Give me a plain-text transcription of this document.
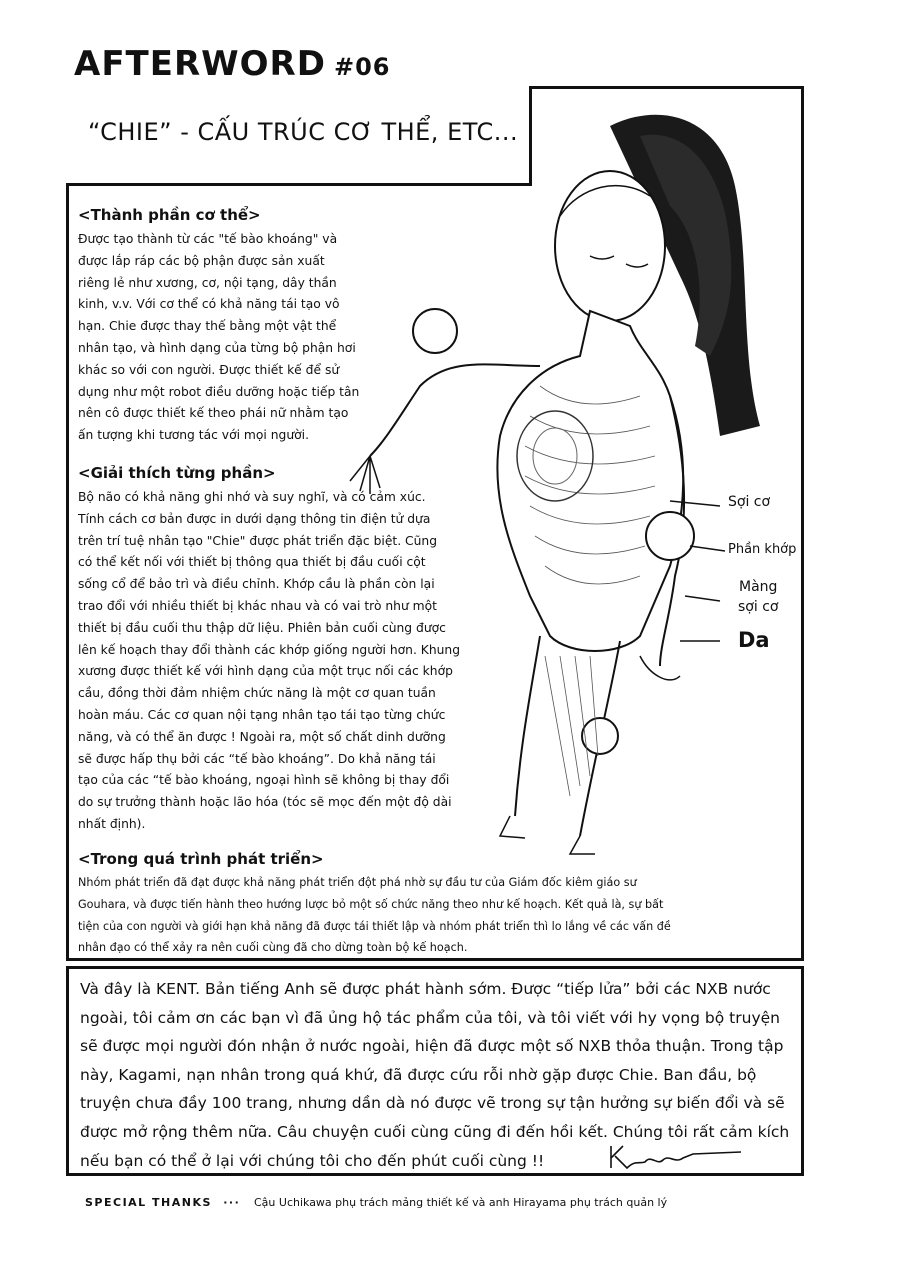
AFTERWORD #06
“CHIE” - CẤU TRÚC CƠ THỂ, ETC...
<Thành phần cơ thể>
Được tạo thành từ các "tế bào khoáng" và
được lắp ráp các bộ phận được sản xuất
riêng lẻ như xương, cơ, nội tạng, dây thần
kinh, v.v. Với cơ thể có khả năng tái tạo vô
hạn. Chie được thay thế bằng một vật thể
nhân tạo, và hình dạng của từng bộ phận hơi
khác so với con người. Được thiết kế để sử
dụng như một robot điều dưỡng hoặc tiếp tân
nên cô được thiết kế theo phái nữ nhằm tạo
ấn tượng khi tương tác với mọi người.
<Giải thích từng phần>
Bộ não có khả năng ghi nhớ và suy nghĩ, và có cảm xúc.
Tính cách cơ bản được in dưới dạng thông tin điện tử dựa
trên trí tuệ nhân tạo "Chie" được phát triển đặc biệt. Cũng
có thể kết nối với thiết bị thông qua thiết bị đầu cuối cột
sống cổ để bảo trì và điều chỉnh. Khớp cầu là phần còn lại
trao đổi với nhiều thiết bị khác nhau và có vai trò như một
thiết bị đầu cuối thu thập dữ liệu. Phiên bản cuối cùng được
lên kế hoạch thay đổi thành các khớp giống người hơn. Khung
xương được thiết kế với hình dạng của một trục nối các khớp
cầu, đồng thời đảm nhiệm chức năng là một cơ quan tuần
hoàn máu. Các cơ quan nội tạng nhân tạo tái tạo từng chức
năng, và có thể ăn được ! Ngoài ra, một số chất dinh dưỡng
sẽ được hấp thụ bởi các “tế bào khoáng”. Do khả năng tái
tạo của các “tế bào khoáng, ngoại hình sẽ không bị thay đổi
do sự trưởng thành hoặc lão hóa (tóc sẽ mọc đến một độ dài
nhất định).
<Trong quá trình phát triển>
Nhóm phát triển đã đạt được khả năng phát triển đột phá nhờ sự đầu tư của Giám đốc kiêm giáo sư
Gouhara, và được tiến hành theo hướng lược bỏ một số chức năng theo như kế hoạch. Kết quả là, sự bất
tiện của con người và giới hạn khả năng đã được tái thiết lập và nhóm phát triển thì lo lắng về các vấn đề
nhân đạo có thể xảy ra nên cuối cùng đã cho dừng toàn bộ kế hoạch.
Sợi cơ
Phần khớp
Màng
sợi cơ
Da
Và đây là KENT. Bản tiếng Anh sẽ được phát hành sớm. Được “tiếp lửa” bởi các NXB nước
ngoài, tôi cảm ơn các bạn vì đã ủng hộ tác phẩm của tôi, và tôi viết với hy vọng bộ truyện
sẽ được mọi người đón nhận ở nước ngoài, hiện đã được một số NXB thỏa thuận. Trong tập
này, Kagami, nạn nhân trong quá khứ, đã được cứu rỗi nhờ gặp được Chie. Ban đầu, bộ
truyện chưa đầy 100 trang, nhưng dần dà nó được vẽ trong sự tận hưởng sự biến đổi và sẽ
được mở rộng thêm nữa. Câu chuyện cuối cùng cũng đi đến hồi kết. Chúng tôi rất cảm kích
nếu bạn có thể ở lại với chúng tôi cho đến phút cuối cùng !!
SPECIAL THANKS ··· Cậu Uchikawa phụ trách mảng thiết kế và anh Hirayama phụ trách quản lý
